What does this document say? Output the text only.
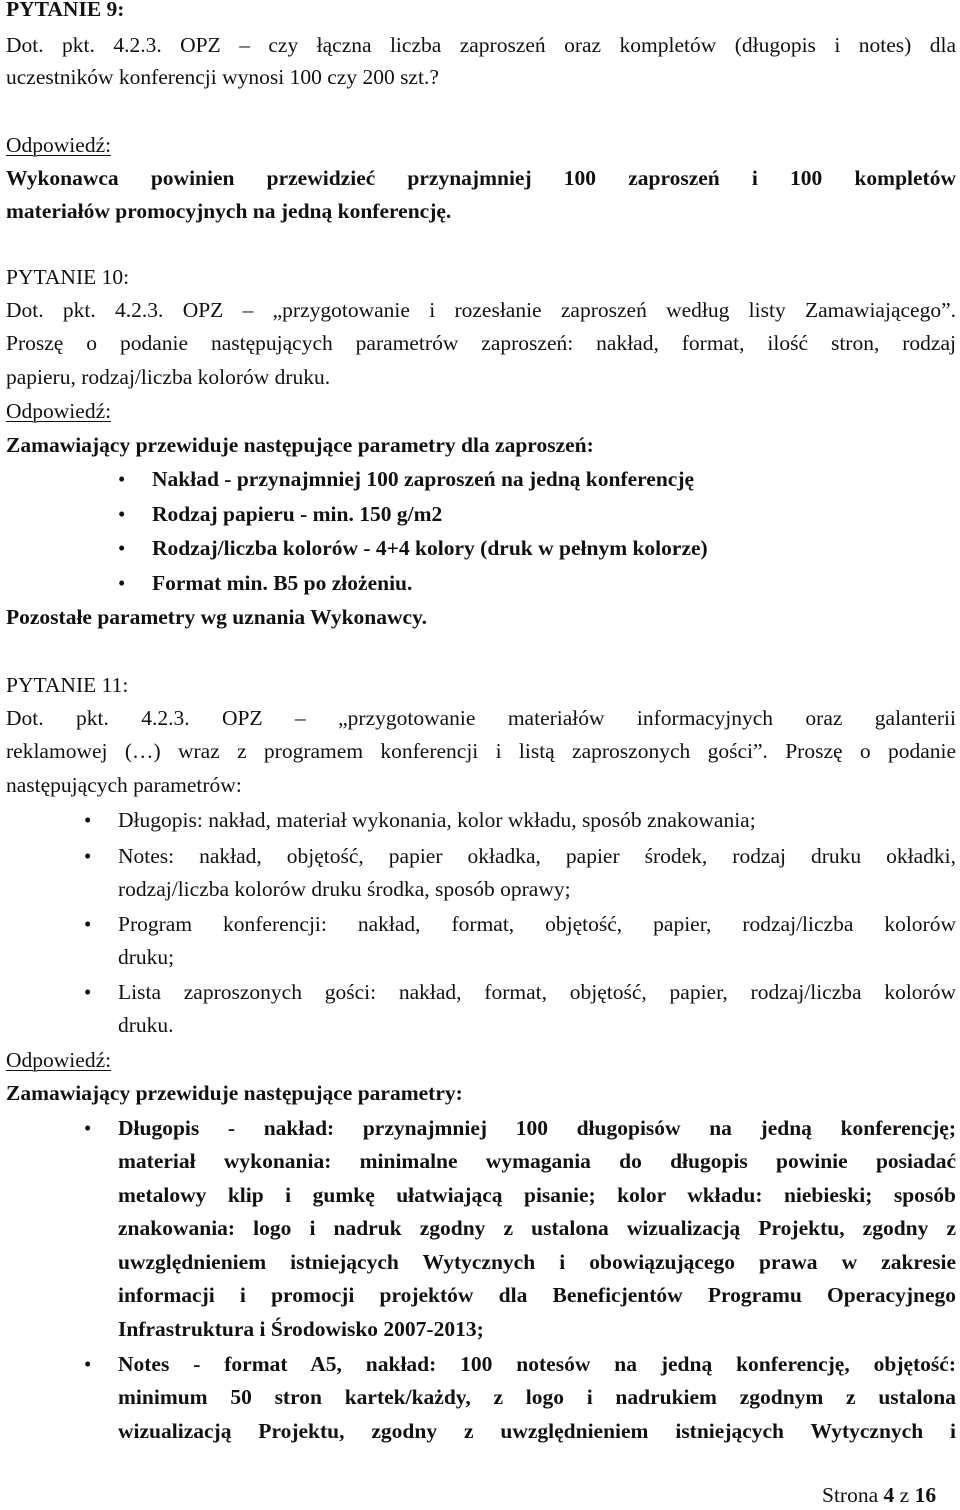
PYTANIE 9:
Dot. pkt. 4.2.3. OPZ – czy łączna liczba zaproszeń oraz kompletów (długopis i notes) dla
uczestników konferencji wynosi 100 czy 200 szt.?
Odpowiedź:
Wykonawca powinien przewidzieć przynajmniej 100 zaproszeń i 100 kompletów
materiałów promocyjnych na jedną konferencję.
PYTANIE 10:
Dot. pkt. 4.2.3. OPZ – „przygotowanie i rozesłanie zaproszeń według listy Zamawiającego”.
Proszę o podanie następujących parametrów zaproszeń: nakład, format, ilość stron, rodzaj
papieru, rodzaj/liczba kolorów druku.
Odpowiedź:
Zamawiający przewiduje następujące parametry dla zaproszeń:
• Nakład - przynajmniej 100 zaproszeń na jedną konferencję
• Rodzaj papieru - min. 150 g/m2
• Rodzaj/liczba kolorów - 4+4 kolory (druk w pełnym kolorze)
• Format min. B5 po złożeniu.
Pozostałe parametry wg uznania Wykonawcy.
PYTANIE 11:
Dot. pkt. 4.2.3. OPZ – „przygotowanie materiałów informacyjnych oraz galanterii
reklamowej (…) wraz z programem konferencji i listą zaproszonych gości”. Proszę o podanie
następujących parametrów:
• Długopis: nakład, materiał wykonania, kolor wkładu, sposób znakowania;
• Notes: nakład, objętość, papier okładka, papier środek, rodzaj druku okładki,
rodzaj/liczba kolorów druku środka, sposób oprawy;
• Program konferencji: nakład, format, objętość, papier, rodzaj/liczba kolorów
druku;
• Lista zaproszonych gości: nakład, format, objętość, papier, rodzaj/liczba kolorów
druku.
Odpowiedź:
Zamawiający przewiduje następujące parametry:
• Długopis - nakład: przynajmniej 100 długopisów na jedną konferencję;
materiał wykonania: minimalne wymagania do długopis powinie posiadać
metalowy klip i gumkę ułatwiającą pisanie; kolor wkładu: niebieski; sposób
znakowania: logo i nadruk zgodny z ustalona wizualizacją Projektu, zgodny z
uwzględnieniem istniejących Wytycznych i obowiązującego prawa w zakresie
informacji i promocji projektów dla Beneficjentów Programu Operacyjnego
Infrastruktura i Środowisko 2007-2013;
• Notes - format A5, nakład: 100 notesów na jedną konferencję, objętość:
minimum 50 stron kartek/każdy, z logo i nadrukiem zgodnym z ustalona
wizualizacją Projektu, zgodny z uwzględnieniem istniejących Wytycznych i
Strona 4 z 16
